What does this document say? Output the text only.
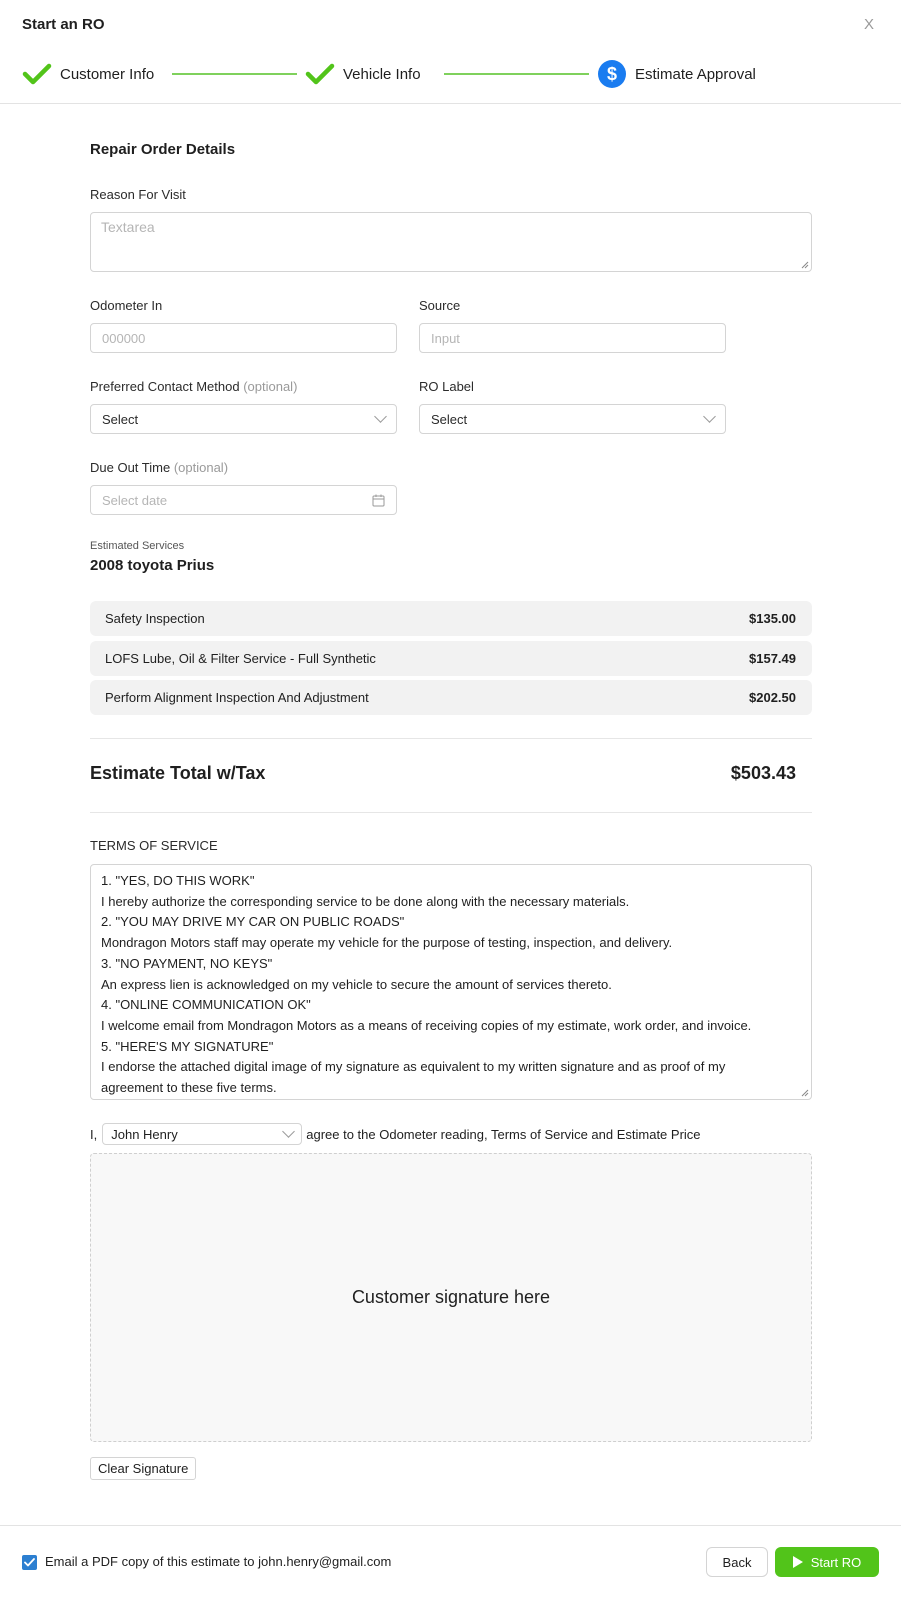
Start an RO	X
Customer Info	Vehicle Info	$	Estimate Approval
Repair Order Details
Reason For Visit
Textarea
Odometer In
000000
Source
Input
Preferred Contact Method (optional)
Select
RO Label
Select
Due Out Time (optional)
Select date
Estimated Services
2008 toyota Prius
Safety Inspection	$135.00
LOFS Lube, Oil & Filter Service - Full Synthetic	$157.49
Perform Alignment Inspection And Adjustment	$202.50
Estimate Total w/Tax	$503.43
TERMS OF SERVICE
1. "YES, DO THIS WORK"
I hereby authorize the corresponding service to be done along with the necessary materials.
2. "YOU MAY DRIVE MY CAR ON PUBLIC ROADS"
Mondragon Motors staff may operate my vehicle for the purpose of testing, inspection, and delivery.
3. "NO PAYMENT, NO KEYS"
An express lien is acknowledged on my vehicle to secure the amount of services thereto.
4. "ONLINE COMMUNICATION OK"
I welcome email from Mondragon Motors as a means of receiving copies of my estimate, work order, and invoice.
5. "HERE'S MY SIGNATURE"
I endorse the attached digital image of my signature as equivalent to my written signature and as proof of my
agreement to these five terms.
I, John Henry	agree to the Odometer reading, Terms of Service and Estimate Price
Customer signature here
Clear Signature
Email a PDF copy of this estimate to john.henry@gmail.com	Back	Start RO
